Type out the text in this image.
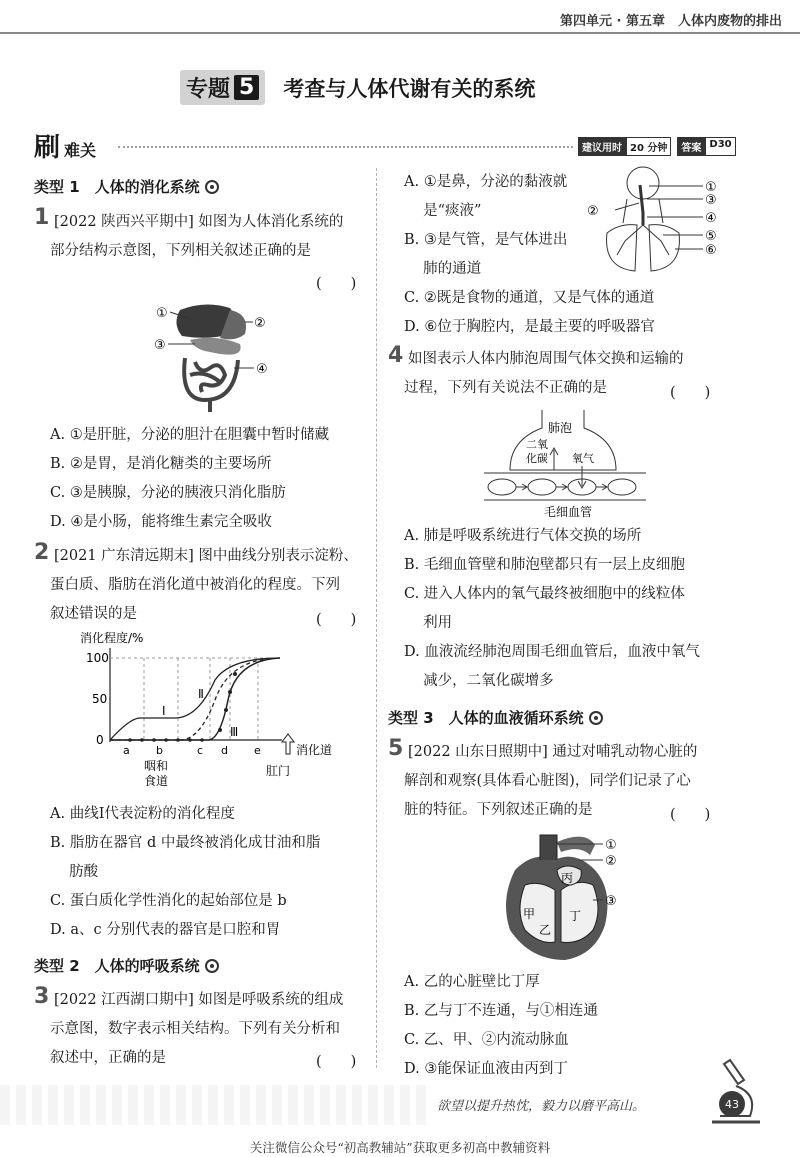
第四单元 · 第五章　人体内废物的排出
专题 5 考查与人体代谢有关的系统
刷 难关	建议用时 20 分钟	答案 D30
类型 1　人体的消化系统
1 [2022 陕西兴平期中] 如图为人体消化系统的
部分结构示意图，下列相关叙述正确的是
(　　)
①
②
③
④
A. ①是肝脏，分泌的胆汁在胆囊中暂时储藏
B. ②是胃，是消化糖类的主要场所
C. ③是胰腺，分泌的胰液只消化脂肪
D. ④是小肠，能将维生素完全吸收
2 [2021 广东清远期末] 图中曲线分别表示淀粉、
蛋白质、脂肪在消化道中被消化的程度。下列
叙述错误的是	(　　)
消化程度/%
100
50
0
Ⅰ
Ⅱ
Ⅲ
a b	c d e	消化道
咽和
食道
肛门
A. 曲线Ⅰ代表淀粉的消化程度
B. 脂肪在器官 d 中最终被消化成甘油和脂
　 肪酸
C. 蛋白质化学性消化的起始部位是 b
D. a、c 分别代表的器官是口腔和胃
类型 2　人体的呼吸系统
3 [2022 江西湖口期中] 如图是呼吸系统的组成
示意图，数字表示相关结构。下列有关分析和
叙述中，正确的是	(　　)
A. ①是鼻，分泌的黏液就
　 是“痰液”
B. ③是气管，是气体进出
　 肺的通道
①
②
③
④
⑤
⑥
C. ②既是食物的通道，又是气体的通道
D. ⑥位于胸腔内，是最主要的呼吸器官
4 如图表示人体内肺泡周围气体交换和运输的
过程，下列有关说法不正确的是	(　　)
肺泡
二氧
化碳 氧气
毛细血管
A. 肺是呼吸系统进行气体交换的场所
B. 毛细血管壁和肺泡壁都只有一层上皮细胞
C. 进入人体内的氧气最终被细胞中的线粒体
　 利用
D. 血液流经肺泡周围毛细血管后，血液中氧气
　 减少，二氧化碳增多
类型 3　人体的血液循环系统
5 [2022 山东日照期中] 通过对哺乳动物心脏的
解剖和观察(具体看心脏图)，同学们记录了心
脏的特征。下列叙述正确的是	(　　)
①
②
③
甲
乙
丙
丁
A. 乙的心脏壁比丁厚
B. 乙与丁不连通，与①相连通
C. 乙、甲、②内流动脉血
D. ③能保证血液由丙到丁
欲望以提升热忱，毅力以磨平高山。	43
关注微信公众号“初高教辅站”获取更多初高中教辅资料
